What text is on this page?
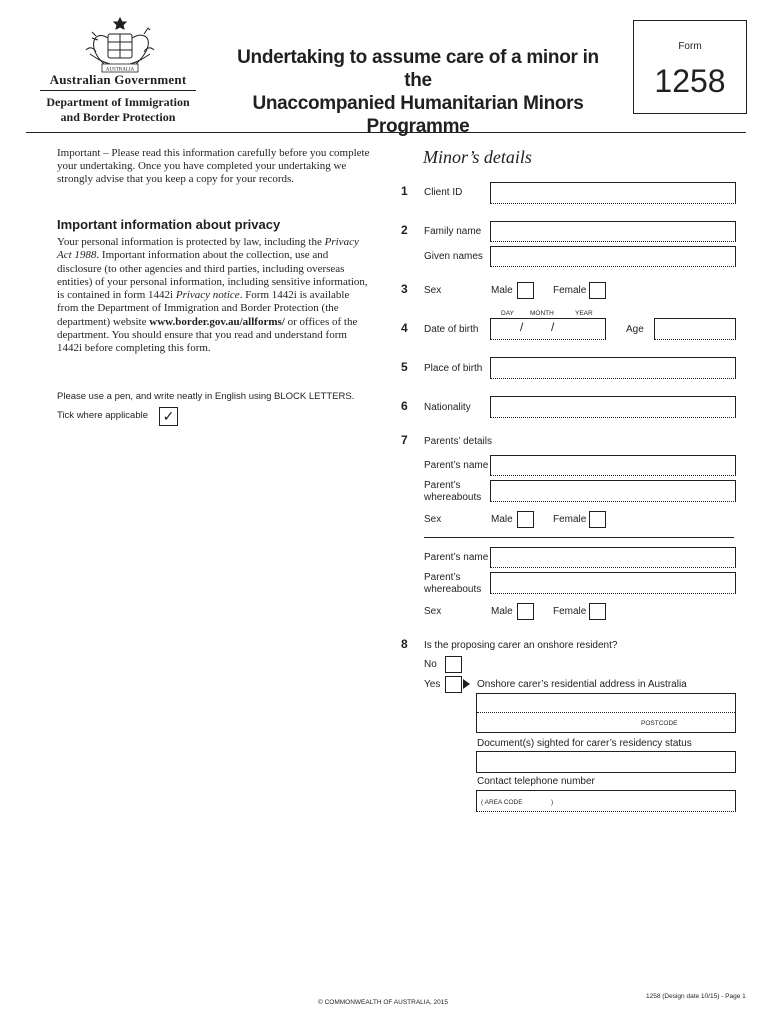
AUSTRALIA
Australian Government
Department of Immigration
and Border Protection
Undertaking to assume care of a minor in the
Unaccompanied Humanitarian Minors
Programme
Form
1258
Important – Please read this information carefully before you complete your undertaking. Once you have completed your undertaking we strongly advise that you keep a copy for your records.
Important information about privacy
Your personal information is protected by law, including the Privacy Act 1988. Important information about the collection, use and disclosure (to other agencies and third parties, including overseas entities) of your personal information, including sensitive information, is contained in form 1442i Privacy notice. Form 1442i is available from the Department of Immigration and Border Protection (the department) website www.border.gov.au/allforms/ or offices of the department. You should ensure that you read and understand form 1442i before completing this form.
Please use a pen, and write neatly in English using BLOCK LETTERS.
Tick where applicable ✓
Minor’s details
1 Client ID
2 Family name
Given names
3 Sex	Male	Female
DAY MONTH	YEAR
4 Date of birth	/ /	Age
5 Place of birth
6 Nationality
7 Parents’ details
Parent’s name
Parent’s
whereabouts
Sex	Male	Female
Parent’s name
Parent’s
whereabouts
Sex	Male	Female
8 Is the proposing carer an onshore resident?
No
Yes	Onshore carer’s residential address in Australia
POSTCODE
Document(s) sighted for carer’s residency status
Contact telephone number
( AREA CODE	)
© COMMONWEALTH OF AUSTRALIA, 2015
1258 (Design date 10/15) - Page 1
